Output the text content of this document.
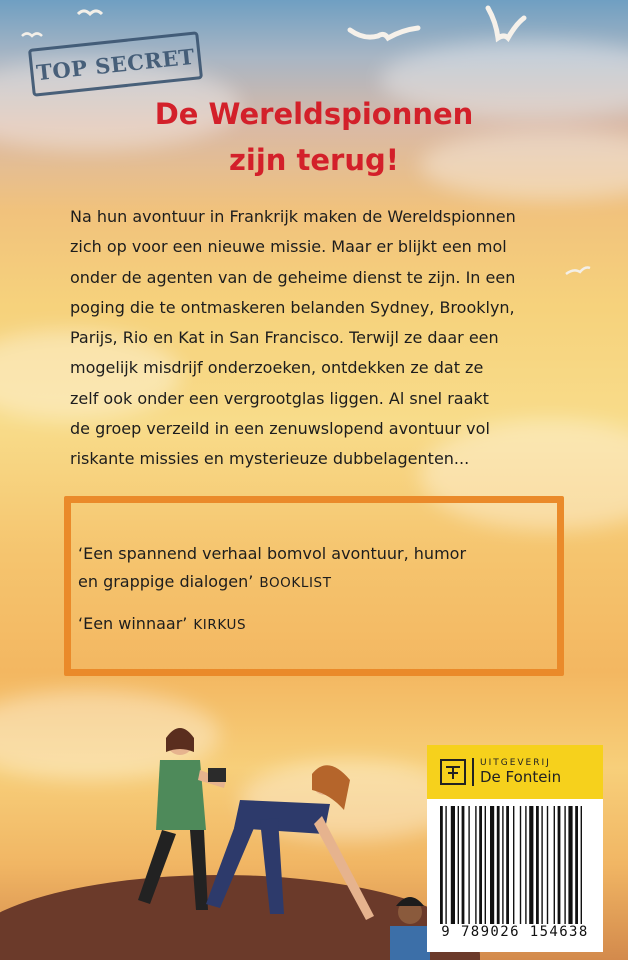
TOP SECRET
De Wereldspionnen
zijn terug!
Na hun avontuur in Frankrijk maken de Wereldspionnen
zich op voor een nieuwe missie. Maar er blijkt een mol
onder de agenten van de geheime dienst te zijn. In een
poging die te ontmaskeren belanden Sydney, Brooklyn,
Parijs, Rio en Kat in San Francisco. Terwijl ze daar een
mogelijk misdrijf onderzoeken, ontdekken ze dat ze
zelf ook onder een vergrootglas liggen. Al snel raakt
de groep verzeild in een zenuwslopend avontuur vol
riskante missies en mysterieuze dubbelagenten...
‘Een spannend verhaal bomvol avontuur, humor
en grappige dialogen’ BOOKLIST
‘Een winnaar’ KIRKUS
UITGEVERIJ
De Fontein
9 789026 154638
